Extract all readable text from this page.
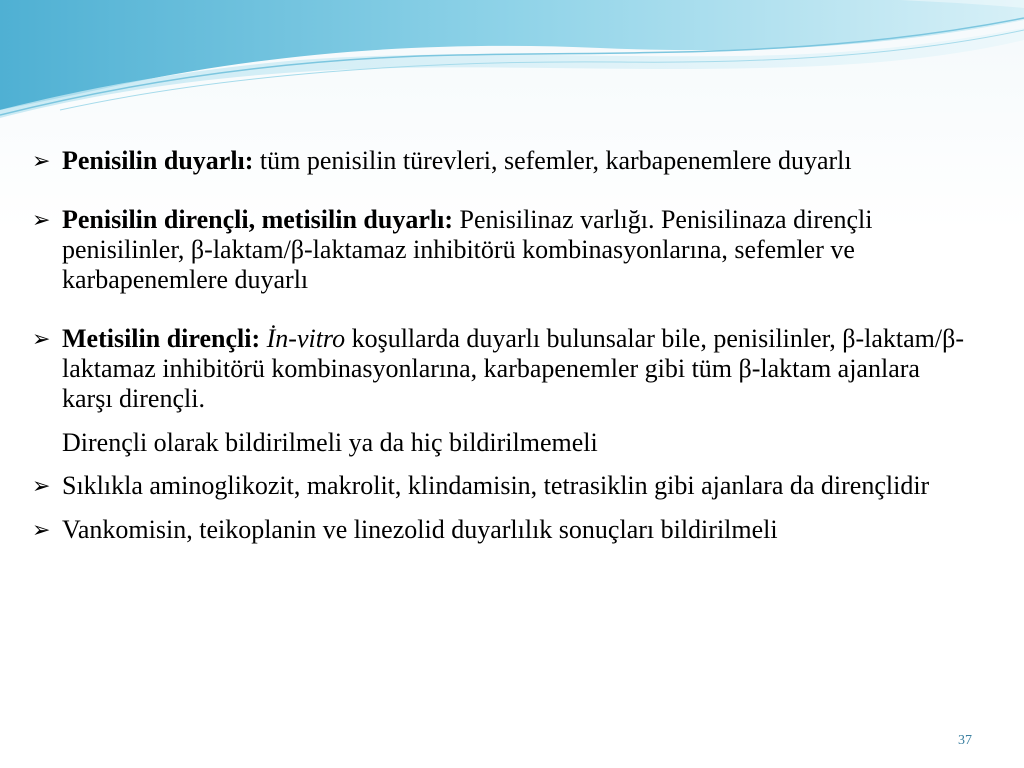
➢ Penisilin duyarlı: tüm penisilin türevleri, sefemler, karbapenemlere duyarlı
➢ Penisilin dirençli, metisilin duyarlı: Penisilinaz varlığı. Penisilinaza dirençli penisilinler, β-laktam/β-laktamaz inhibitörü kombinasyonlarına, sefemler ve karbapenemlere duyarlı
➢ Metisilin dirençli: İn-vitro koşullarda duyarlı bulunsalar bile, penisilinler, β-laktam/β-laktamaz inhibitörü kombinasyonlarına, karbapenemler gibi tüm β-laktam ajanlara karşı dirençli.
Dirençli olarak bildirilmeli ya da hiç bildirilmemeli
➢ Sıklıkla aminoglikozit, makrolit, klindamisin, tetrasiklin gibi ajanlara da dirençlidir
➢ Vankomisin, teikoplanin ve linezolid duyarlılık sonuçları bildirilmeli
37
